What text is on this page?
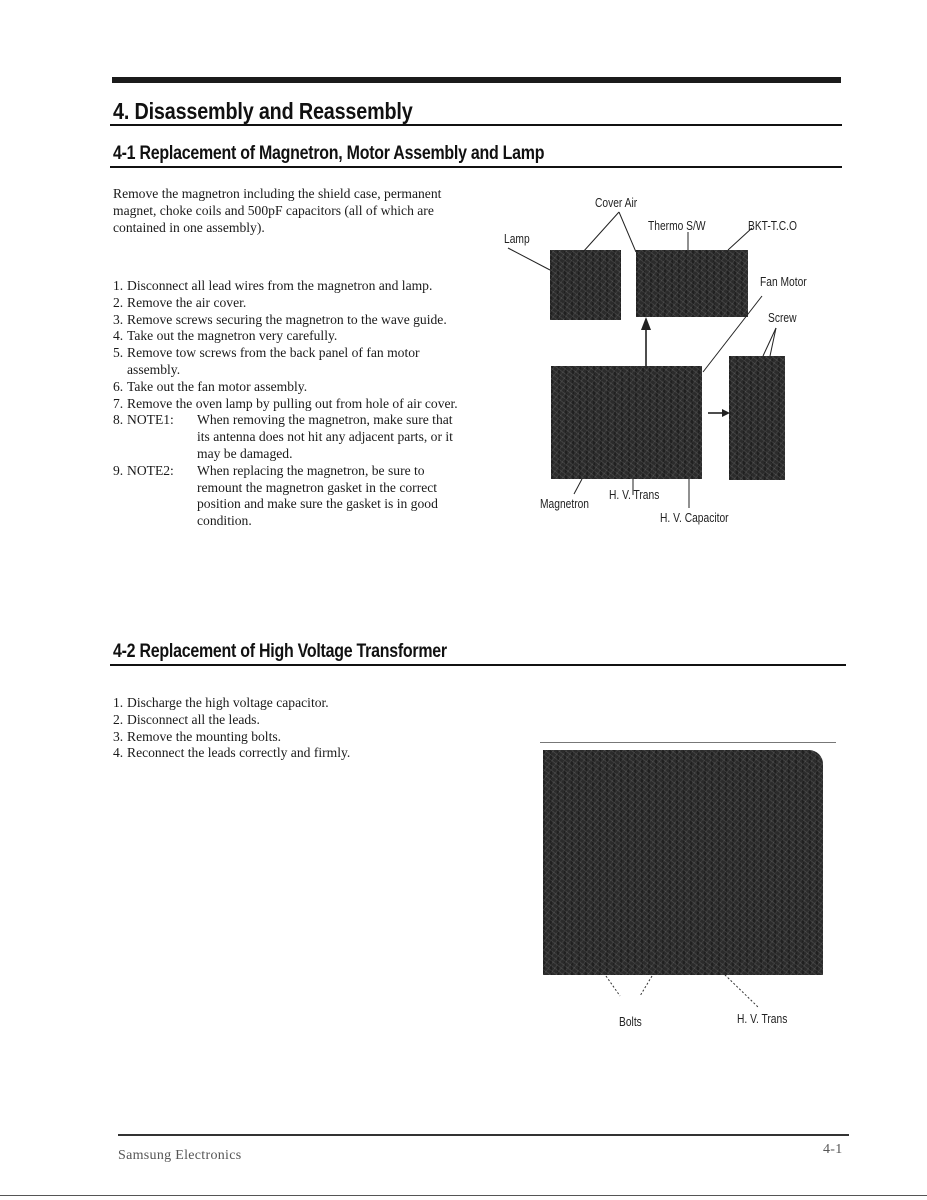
4. Disassembly and Reassembly
4-1 Replacement of Magnetron, Motor Assembly and Lamp
Remove the magnetron including the shield case, permanent magnet, choke coils and 500pF capacitors (all of which are contained in one assembly).
1. Disconnect all lead wires from the magnetron and lamp.
2. Remove the air cover.
3. Remove screws securing the magnetron to the wave guide.
4. Take out the magnetron very carefully.
5. Remove tow screws from the back panel of fan motor assembly.
6. Take out the fan motor assembly.
7. Remove the oven lamp by pulling out from hole of air cover.
8. NOTE1: When removing the magnetron, make sure that its antenna does not hit any adjacent parts, or it may be damaged.
9. NOTE2: When replacing the magnetron, be sure to remount the magnetron gasket in the correct position and make sure the gasket is in good condition.
Cover Air
Lamp
Thermo S/W	BKT-T.C.O
Fan Motor
Screw
Magnetron
H. V. Trans
H. V. Capacitor
4-2 Replacement of High Voltage Transformer
1. Discharge the high voltage capacitor.
2. Disconnect all the leads.
3. Remove the mounting bolts.
4. Reconnect the leads correctly and firmly.
Bolts	H. V. Trans
Samsung Electronics	4-1
